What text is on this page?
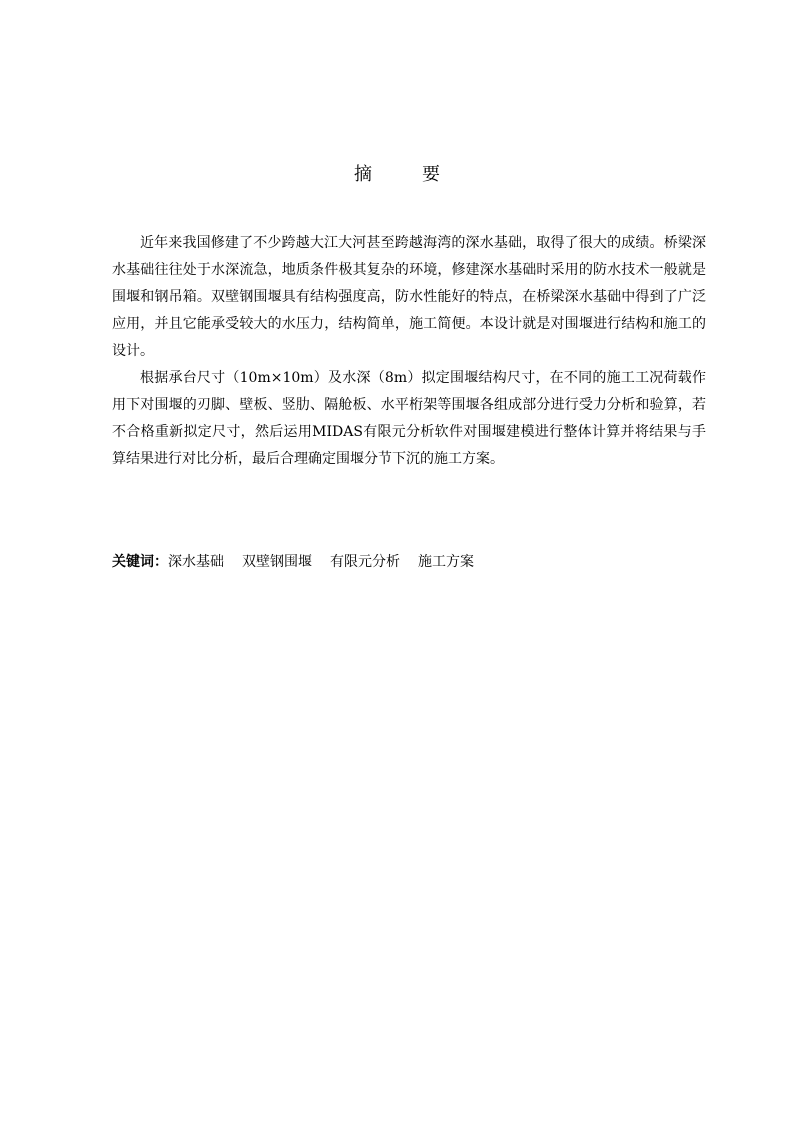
摘　要

近年来我国修建了不少跨越大江大河甚至跨越海湾的深水基础，取得了很大的成绩。桥梁深水基础往往处于水深流急，地质条件极其复杂的环境，修建深水基础时采用的防水技术一般就是围堰和钢吊箱。双壁钢围堰具有结构强度高，防水性能好的特点，在桥梁深水基础中得到了广泛应用，并且它能承受较大的水压力，结构简单，施工简便。本设计就是对围堰进行结构和施工的设计。

根据承台尺寸（10m×10m）及水深（8m）拟定围堰结构尺寸，在不同的施工工况荷载作用下对围堰的刃脚、壁板、竖肋、隔舱板、水平桁架等围堰各组成部分进行受力分析和验算，若不合格重新拟定尺寸，然后运用MIDAS有限元分析软件对围堰建模进行整体计算并将结果与手算结果进行对比分析，最后合理确定围堰分节下沉的施工方案。

关键词：深水基础 双壁钢围堰 有限元分析 施工方案
